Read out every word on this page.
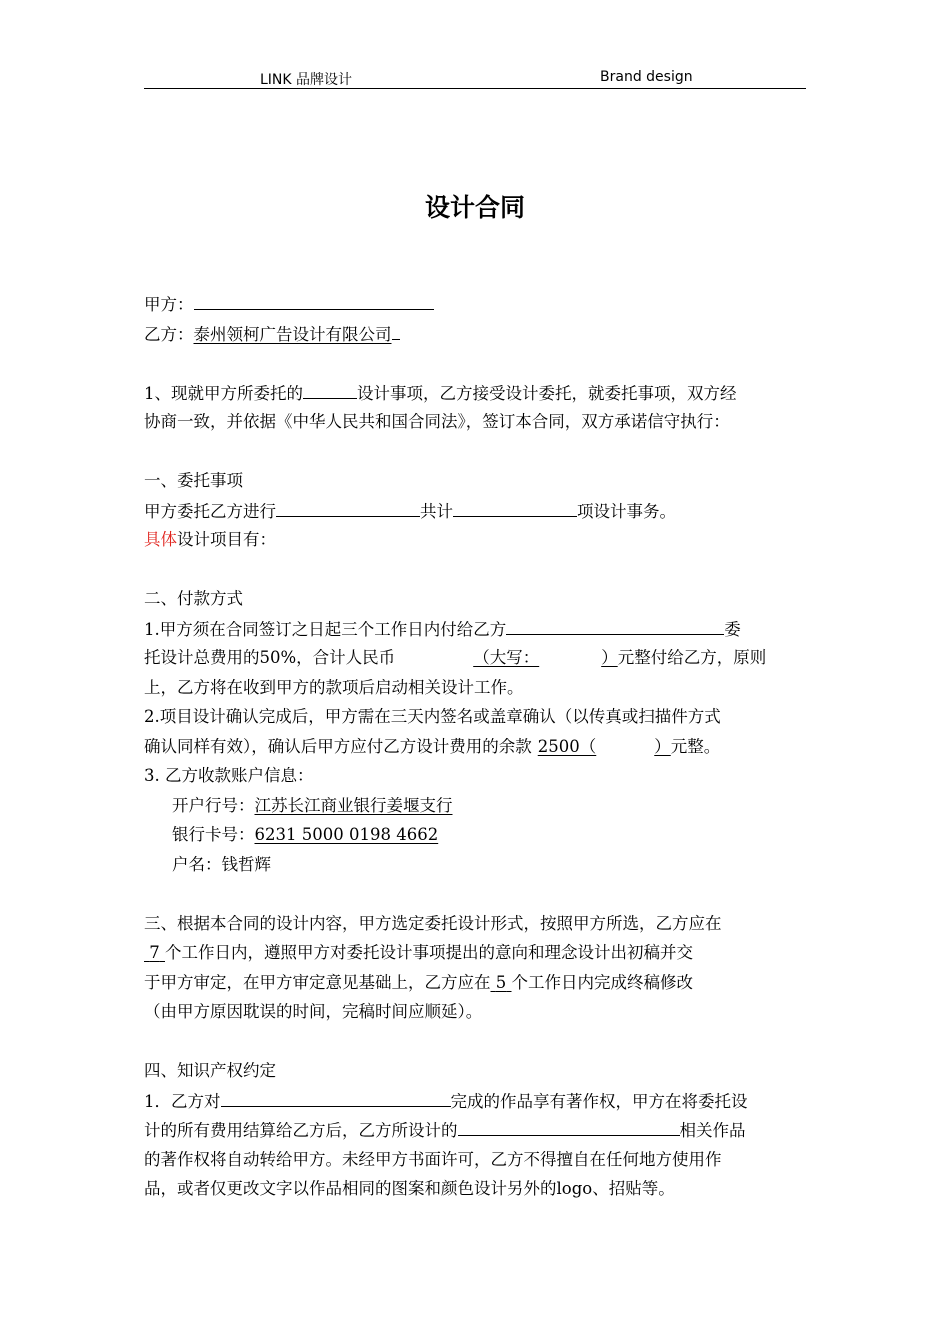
LINK 品牌设计	Brand design
设计合同
甲方：
乙方：泰州领柯广告设计有限公司
1、现就甲方所委托的	设计事项，乙方接受设计委托，就委托事项，双方经
协商一致，并依据《中华人民共和国合同法》，签订本合同，双方承诺信守执行：
一、委托事项
甲方委托乙方进行	共计	项设计事务。
具体设计项目有：
二、付款方式
1.甲方须在合同签订之日起三个工作日内付给乙方	委
托设计总费用的50%，合计人民币	（大写：	）元整付给乙方，原则
上，乙方将在收到甲方的款项后启动相关设计工作。
2.项目设计确认完成后，甲方需在三天内签名或盖章确认（以传真或扫描件方式
确认同样有效），确认后甲方应付乙方设计费用的余款 2500（	）元整。
3. 乙方收款账户信息：
开户行号：江苏长江商业银行姜堰支行
银行卡号：6231 5000 0198 4662
户名：钱哲辉
三、根据本合同的设计内容，甲方选定委托设计形式，按照甲方所选，乙方应在
7 个工作日内，遵照甲方对委托设计事项提出的意向和理念设计出初稿并交
于甲方审定，在甲方审定意见基础上，乙方应在 5 个工作日内完成终稿修改
（由甲方原因耽误的时间，完稿时间应顺延）。
四、知识产权约定
1．乙方对	完成的作品享有著作权，甲方在将委托设
计的所有费用结算给乙方后，乙方所设计的	相关作品
的著作权将自动转给甲方。未经甲方书面许可，乙方不得擅自在任何地方使用作
品，或者仅更改文字以作品相同的图案和颜色设计另外的logo、招贴等。
